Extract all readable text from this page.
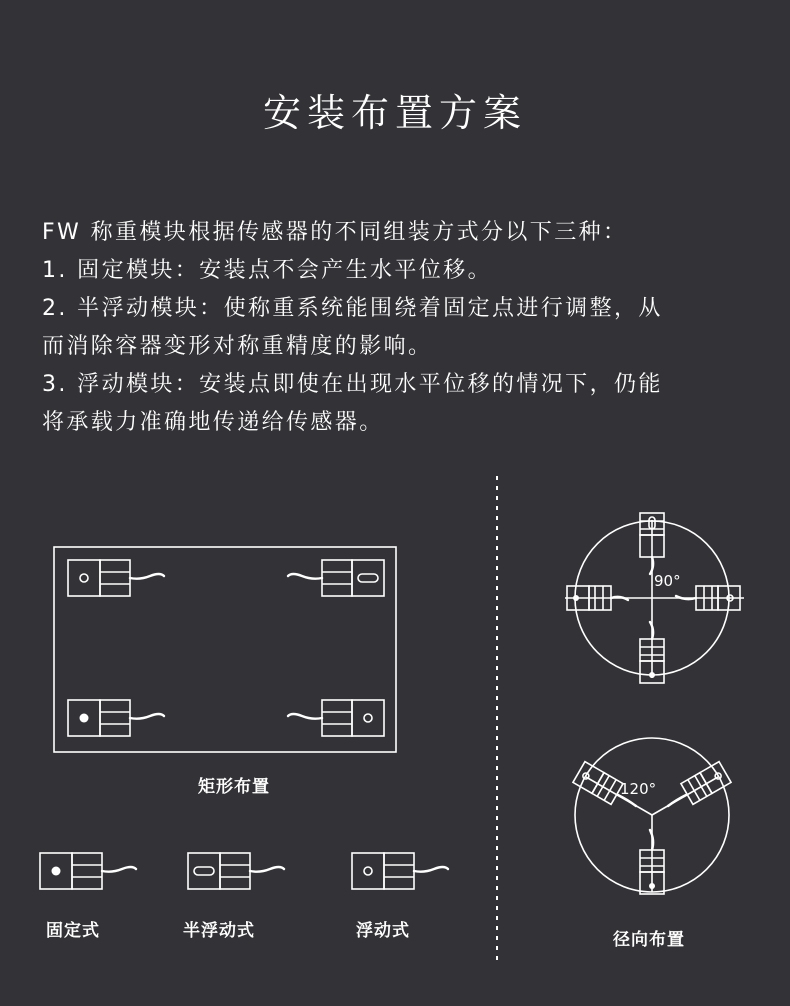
安装布置方案
FW 称重模块根据传感器的不同组装方式分以下三种：
1. 固定模块：安装点不会产生水平位移。
2. 半浮动模块：使称重系统能围绕着固定点进行调整，从
而消除容器变形对称重精度的影响。
3. 浮动模块：安装点即使在出现水平位移的情况下，仍能
将承载力准确地传递给传感器。
90°
120°
矩形布置
固定式	半浮动式	浮动式	径向布置
